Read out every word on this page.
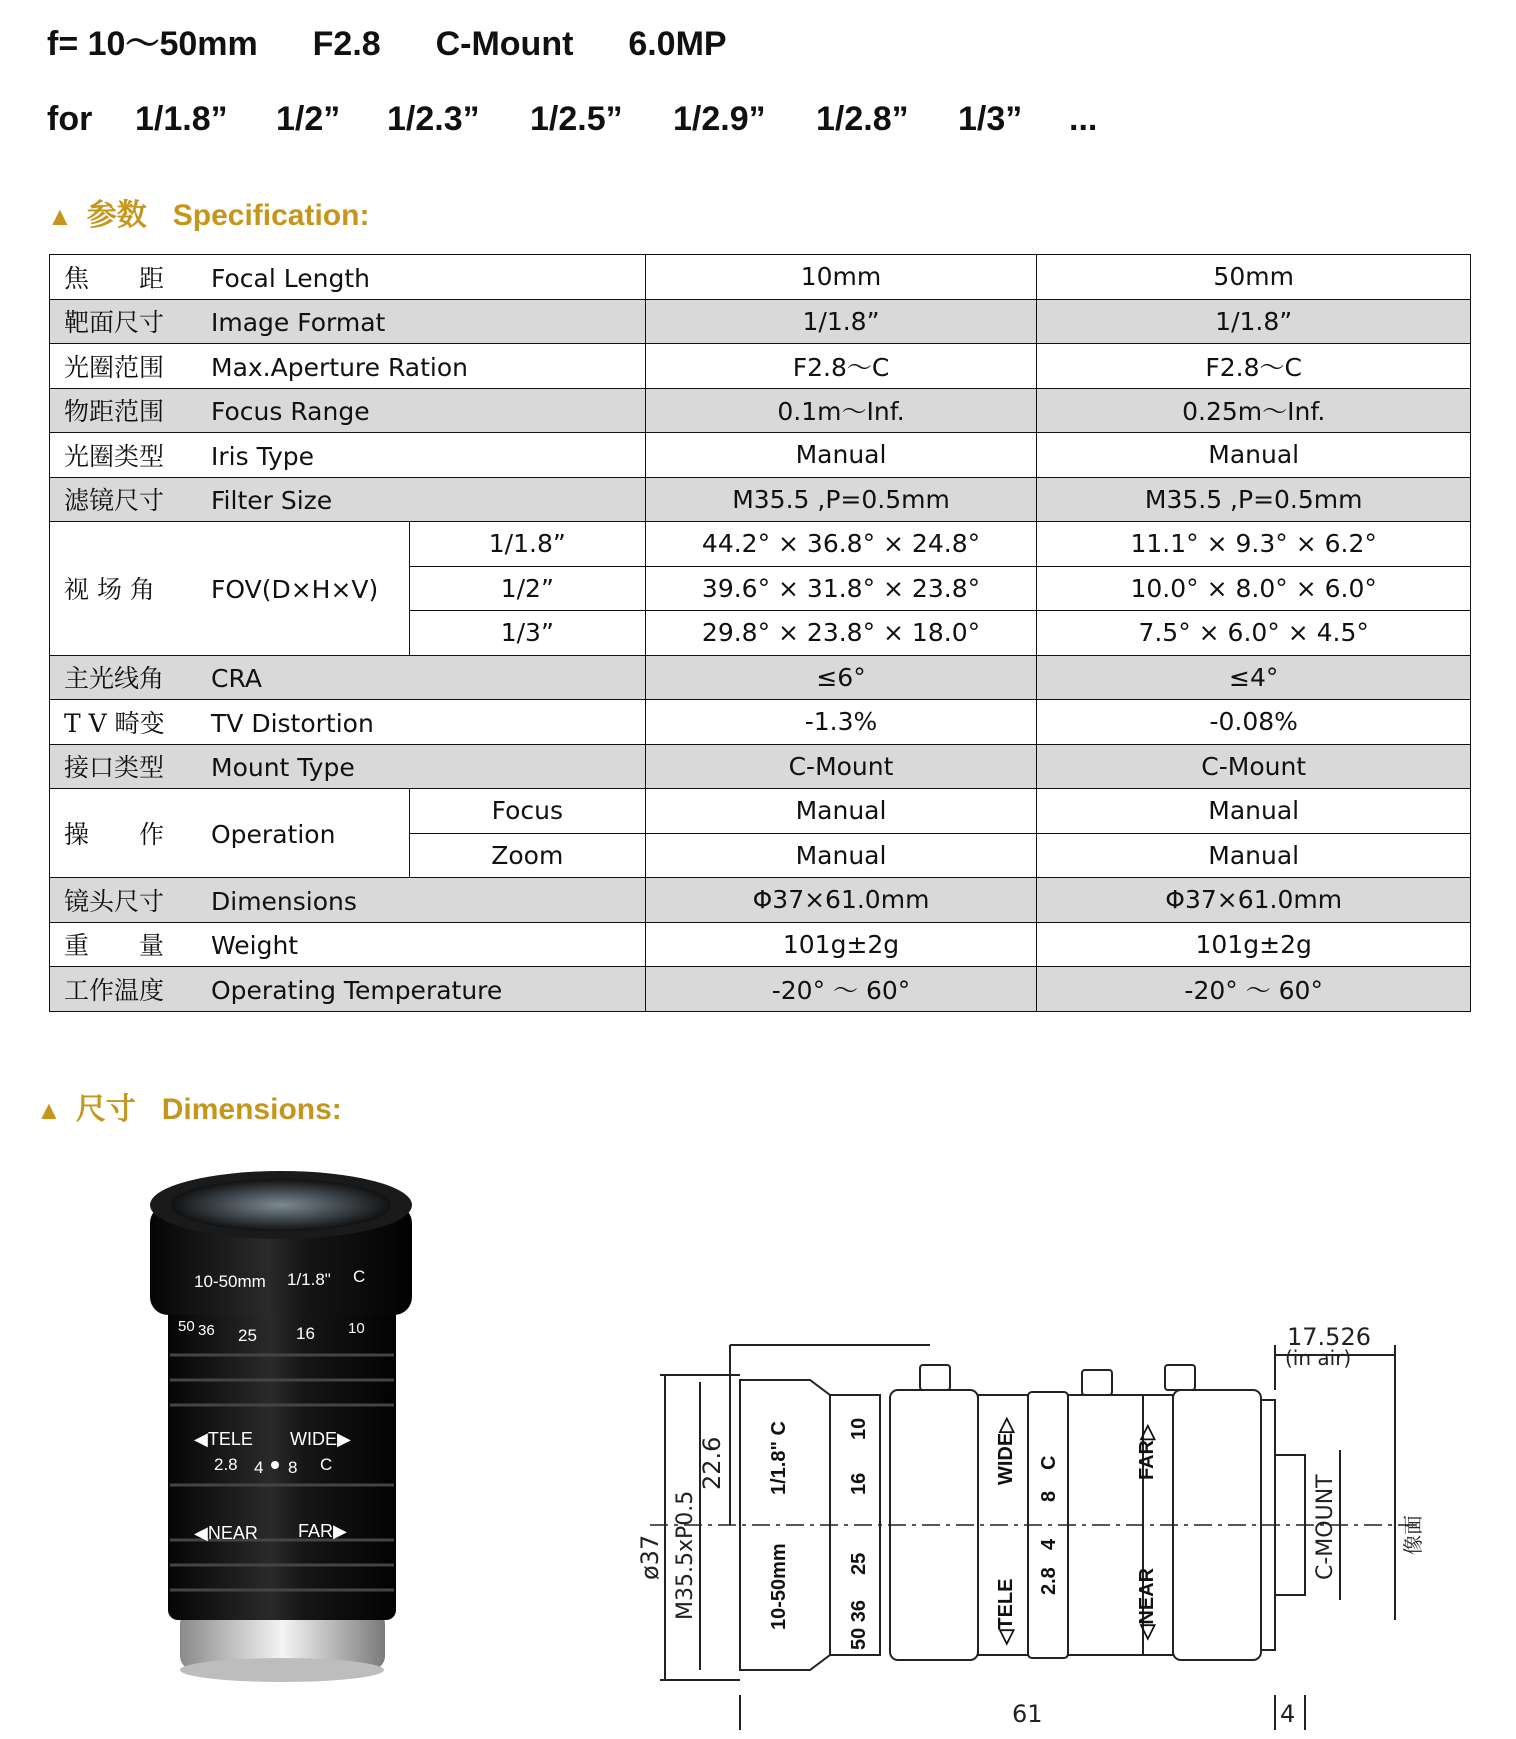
f= 10～50mm F2.8 C-Mount 6.0MP
for 1/1.8” 1/2” 1/2.3” 1/2.5” 1/2.9” 1/2.8” 1/3” ...
▲ 参数 Specification:
焦　　距 Focal Length		10mm	50mm
靶面尺寸 Image Format		1/1.8”	1/1.8”
光圈范围 Max.Aperture Ration		F2.8～C	F2.8～C
物距范围 Focus Range		0.1m～Inf.	0.25m～Inf.
光圈类型 Iris Type		Manual	Manual
滤镜尺寸 Filter Size		M35.5 ,P=0.5mm	M35.5 ,P=0.5mm
视 场 角 FOV(D×H×V)	1/1.8”	44.2° × 36.8° × 24.8°	11.1° × 9.3° × 6.2°
	1/2”	39.6° × 31.8° × 23.8°	10.0° × 8.0° × 6.0°
	1/3”	29.8° × 23.8° × 18.0°	7.5° × 6.0° × 4.5°
主光线角 CRA		≤6°	≤4°
T V 畸变 TV Distortion		-1.3%	-0.08%
接口类型 Mount Type		C-Mount	C-Mount
操　　作 Operation	Focus	Manual	Manual
	Zoom	Manual	Manual
镜头尺寸 Dimensions		Φ37×61.0mm	Φ37×61.0mm
重　　量 Weight		101g±2g	101g±2g
工作温度 Operating Temperature		-20° ～ 60°	-20° ～ 60°
▲ 尺寸 Dimensions:
10-50mm 1/1.8" C
50 36 25 16 10
◀TELE WIDE▶
2.8 4 8 C
◀NEAR FAR▶
17.526
(in air)
61	4
22.6
ø37 M35.5xP0.5	C-MOUNT	像面
10-50mm
1/1.8" C	10
16
25
50 36
WIDE▷
◁TELE
C
8
4
2.8
FAR▷
◁NEAR
